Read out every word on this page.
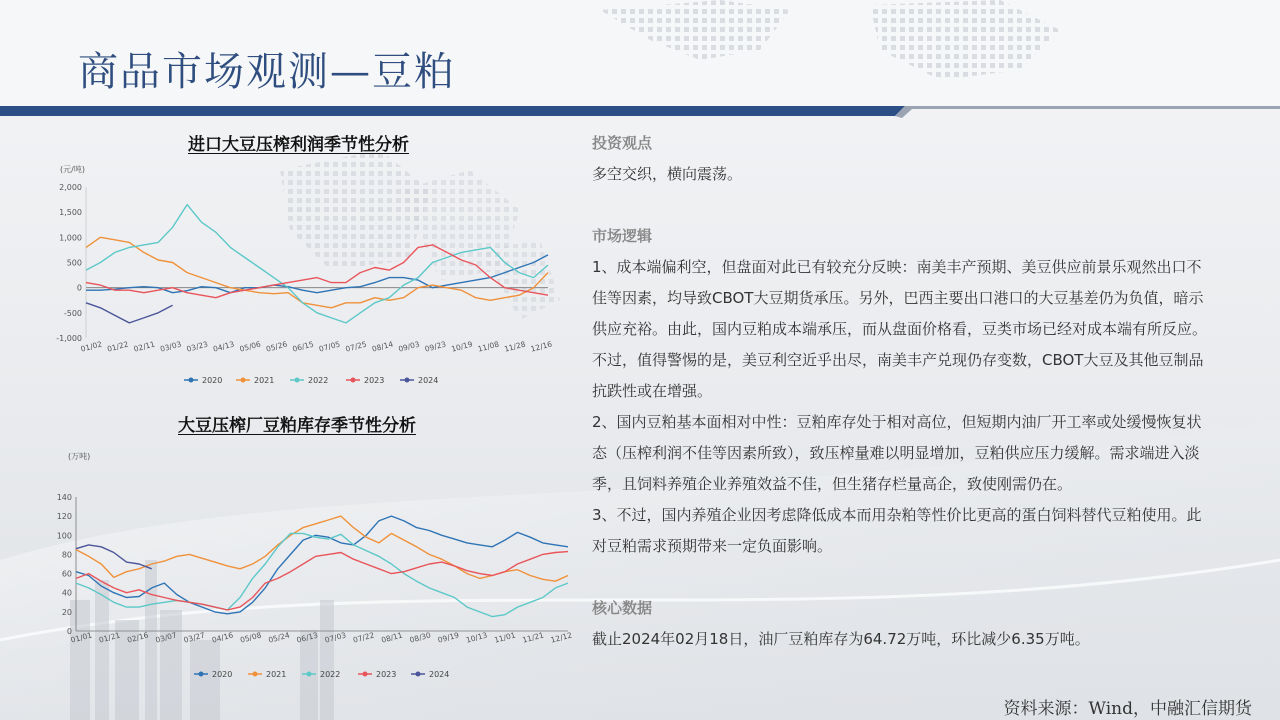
商品市场观测—豆粕
进口大豆压榨利润季节性分析
大豆压榨厂豆粕库存季节性分析
(元/吨)
2,000
1,500
1,000
500
0
-500
-1,000
01/02 01/22 02/11 03/03 03/23 04/13 05/06 05/26 06/15 07/05 07/25 08/14 09/03 09/23 10/19 11/08 11/28 12/16
2020	2021	2022	2023	2024
(万吨)
140
120
100
80
60
40
20
0
01/01 01/21 02/16 03/07 03/27 04/16 05/08 05/24 06/13 07/03 07/22 08/11 08/30 09/19 10/13 11/01 11/21 12/12
2020	2021	2022	2023	2024
投资观点
多空交织，横向震荡。
市场逻辑
1、成本端偏利空，但盘面对此已有较充分反映：南美丰产预期、美豆供应前景乐观然出口不佳等因素，均导致CBOT大豆期货承压。另外，巴西主要出口港口的大豆基差仍为负值，暗示供应充裕。由此，国内豆粕成本端承压，而从盘面价格看，豆类市场已经对成本端有所反应。不过，值得警惕的是，美豆利空近乎出尽，南美丰产兑现仍存变数，CBOT大豆及其他豆制品抗跌性或在增强。
2、国内豆粕基本面相对中性：豆粕库存处于相对高位，但短期内油厂开工率或处缓慢恢复状态（压榨利润不佳等因素所致），致压榨量难以明显增加，豆粕供应压力缓解。需求端进入淡季，且饲料养殖企业养殖效益不佳，但生猪存栏量高企，致使刚需仍在。
3、不过，国内养殖企业因考虑降低成本而用杂粕等性价比更高的蛋白饲料替代豆粕使用。此对豆粕需求预期带来一定负面影响。
核心数据
截止2024年02月18日，油厂豆粕库存为64.72万吨，环比减少6.35万吨。
资料来源：Wind，中融汇信期货
